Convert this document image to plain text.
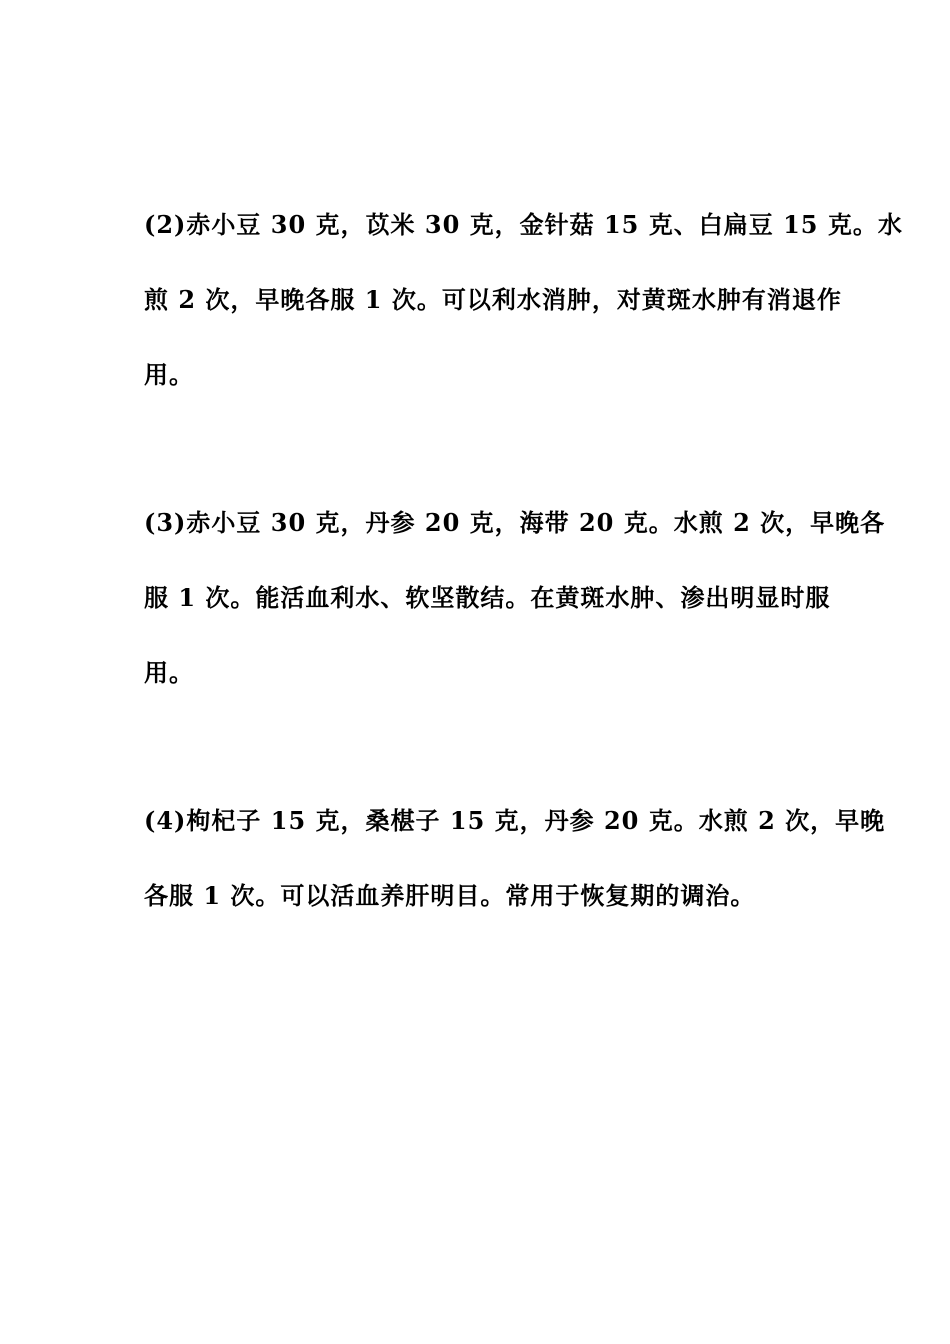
(2)赤小豆 30 克，苡米 30 克，金针菇 15 克、白扁豆 15 克。水
煎 2 次，早晚各服 1 次。可以利水消肿，对黄斑水肿有消退作
用。
(3)赤小豆 30 克，丹参 20 克，海带 20 克。水煎 2 次，早晚各
服 1 次。能活血利水、软坚散结。在黄斑水肿、渗出明显时服
用。
(4)枸杞子 15 克，桑椹子 15 克，丹参 20 克。水煎 2 次，早晚
各服 1 次。可以活血养肝明目。常用于恢复期的调治。
